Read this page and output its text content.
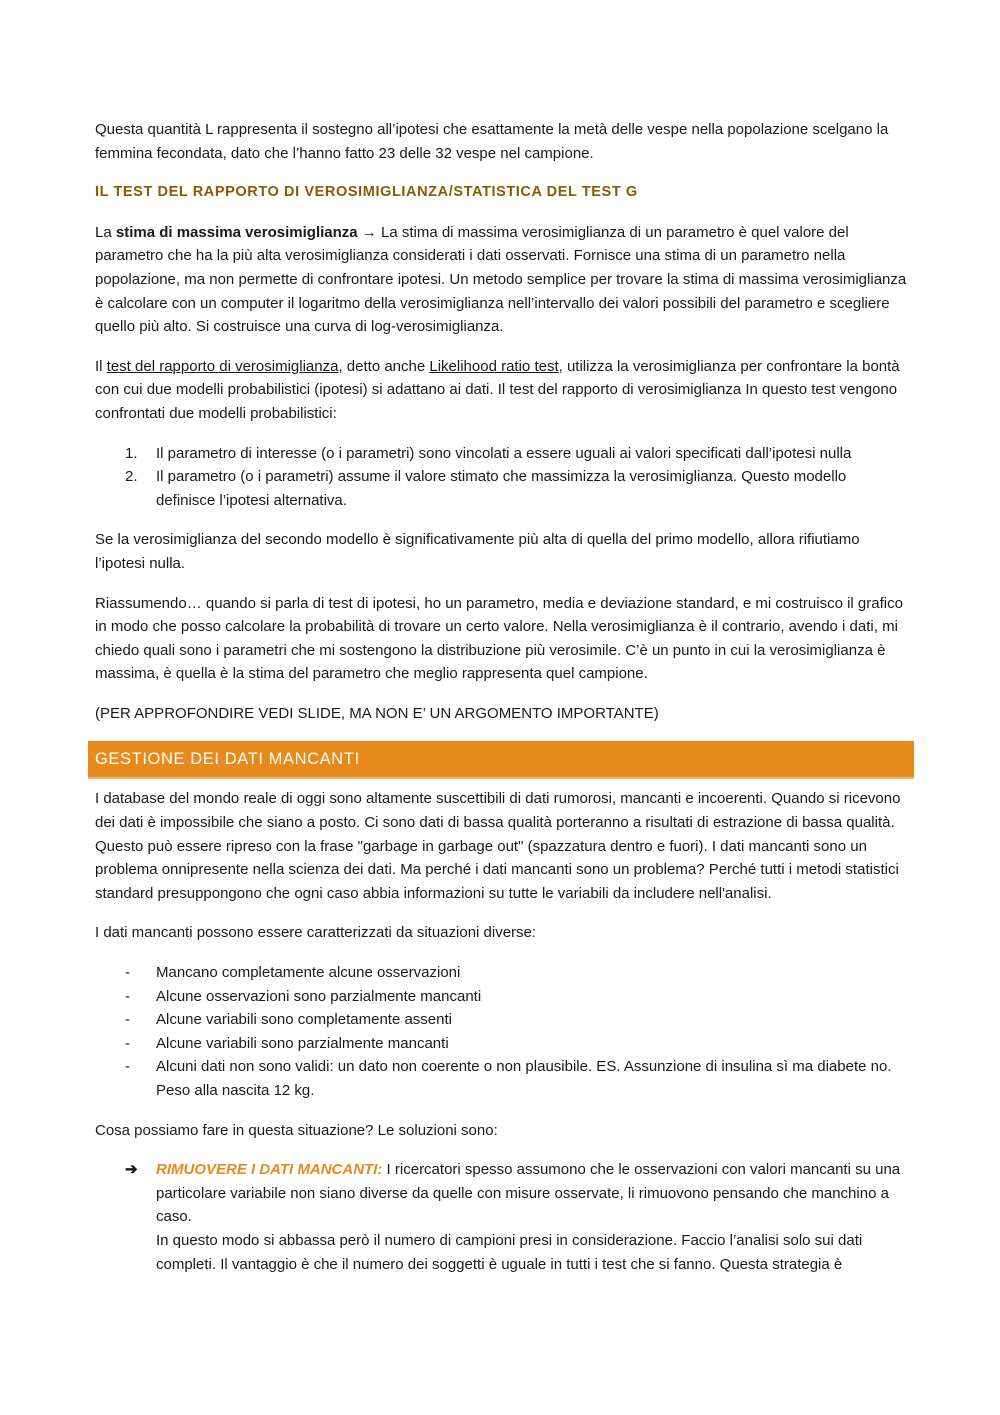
Questa quantità L rappresenta il sostegno all’ipotesi che esattamente la metà delle vespe nella popolazione scelgano la femmina fecondata, dato che l’hanno fatto 23 delle 32 vespe nel campione.

IL TEST DEL RAPPORTO DI VEROSIMIGLIANZA/STATISTICA DEL TEST G

La stima di massima verosimiglianza → La stima di massima verosimiglianza di un parametro è quel valore del parametro che ha la più alta verosimiglianza considerati i dati osservati. Fornisce una stima di un parametro nella popolazione, ma non permette di confrontare ipotesi. Un metodo semplice per trovare la stima di massima verosimiglianza è calcolare con un computer il logaritmo della verosimiglianza nell’intervallo dei valori possibili del parametro e scegliere quello più alto. Si costruisce una curva di log-verosimiglianza.

Il test del rapporto di verosimiglianza, detto anche Likelihood ratio test, utilizza la verosimiglianza per confrontare la bontà con cui due modelli probabilistici (ipotesi) si adattano ai dati. Il test del rapporto di verosimiglianza In questo test vengono confrontati due modelli probabilistici:

1. Il parametro di interesse (o i parametri) sono vincolati a essere uguali ai valori specificati dall’ipotesi nulla
2. Il parametro (o i parametri) assume il valore stimato che massimizza la verosimiglianza. Questo modello definisce l’ipotesi alternativa.

Se la verosimiglianza del secondo modello è significativamente più alta di quella del primo modello, allora rifiutiamo l’ipotesi nulla.

Riassumendo… quando si parla di test di ipotesi, ho un parametro, media e deviazione standard, e mi costruisco il grafico in modo che posso calcolare la probabilità di trovare un certo valore. Nella verosimiglianza è il contrario, avendo i dati, mi chiedo quali sono i parametri che mi sostengono la distribuzione più verosimile. C’è un punto in cui la verosimiglianza è massima, è quella è la stima del parametro che meglio rappresenta quel campione.

(PER APPROFONDIRE VEDI SLIDE, MA NON E’ UN ARGOMENTO IMPORTANTE)

GESTIONE DEI DATI MANCANTI

I database del mondo reale di oggi sono altamente suscettibili di dati rumorosi, mancanti e incoerenti. Quando si ricevono dei dati è impossibile che siano a posto. Ci sono dati di bassa qualità porteranno a risultati di estrazione di bassa qualità. Questo può essere ripreso con la frase "garbage in garbage out" (spazzatura dentro e fuori). I dati mancanti sono un problema onnipresente nella scienza dei dati. Ma perché i dati mancanti sono un problema? Perché tutti i metodi statistici standard presuppongono che ogni caso abbia informazioni su tutte le variabili da includere nell'analisi.

I dati mancanti possono essere caratterizzati da situazioni diverse:

- Mancano completamente alcune osservazioni
- Alcune osservazioni sono parzialmente mancanti
- Alcune variabili sono completamente assenti
- Alcune variabili sono parzialmente mancanti
- Alcuni dati non sono validi: un dato non coerente o non plausibile. ES. Assunzione di insulina sì ma diabete no. Peso alla nascita 12 kg.

Cosa possiamo fare in questa situazione? Le soluzioni sono:

➔ RIMUOVERE I DATI MANCANTI: I ricercatori spesso assumono che le osservazioni con valori mancanti su una particolare variabile non siano diverse da quelle con misure osservate, li rimuovono pensando che manchino a caso.
In questo modo si abbassa però il numero di campioni presi in considerazione. Faccio l’analisi solo sui dati completi. Il vantaggio è che il numero dei soggetti è uguale in tutti i test che si fanno. Questa strategia è
